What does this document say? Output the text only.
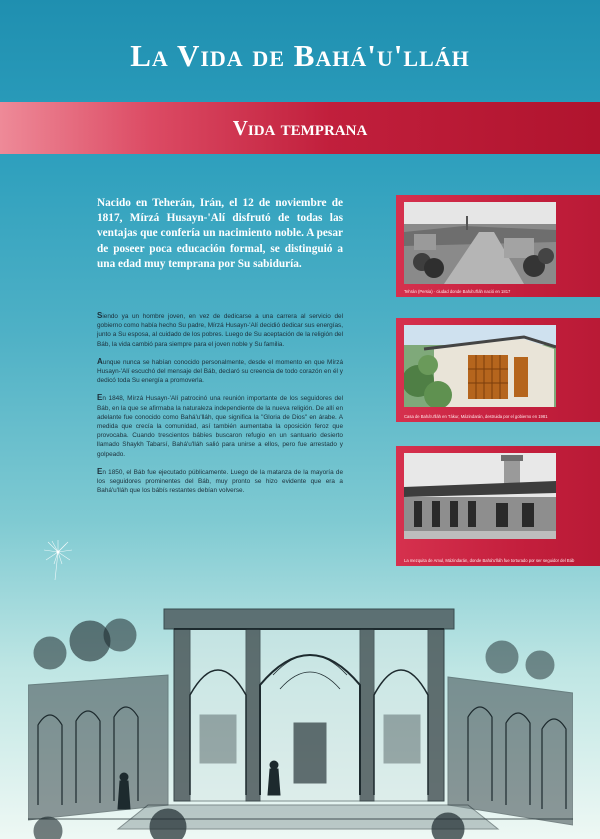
La Vida de Bahá'u'lláh
Vida temprana

Nacido en Teherán, Irán, el 12 de noviembre de 1817, Mírzá Husayn-'Alí disfrutó de todas las ventajas que confería un nacimiento noble. A pesar de poseer poca educación formal, se distinguió a una edad muy temprana por Su sabiduría.

Siendo ya un hombre joven, en vez de dedicarse a una carrera al servicio del gobierno como había hecho Su padre, Mírzá Husayn-'Alí decidió dedicar sus energías, junto a Su esposa, al cuidado de los pobres. Luego de Su aceptación de la religión del Báb, la vida cambió para siempre para el joven noble y Su familia.

Aunque nunca se habían conocido personalmente, desde el momento en que Mírzá Husayn-'Alí escuchó del mensaje del Báb, declaró su creencia de todo corazón en él y dedicó toda Su energía a promoverla.

En 1848, Mírzá Husayn-'Alí patrocinó una reunión importante de los seguidores del Báb, en la que se afirmaba la naturaleza independiente de la nueva religión. De allí en adelante fue conocido como Bahá'u'lláh, que significa la "Gloria de Dios" en árabe. A medida que crecía la comunidad, así también aumentaba la oposición feroz que provocaba. Cuando trescientos bábíes buscaron refugio en un santuario desierto llamado Shaykh Tabarsí, Bahá'u'lláh salió para unirse a ellos, pero fue arrestado y golpeado.

En 1850, el Báb fue ejecutado públicamente. Luego de la matanza de la mayoría de los seguidores prominentes del Báb, muy pronto se hizo evidente que era a Bahá'u'lláh que los bábís restantes debían volverse.

Tehrán (Persia) · ciudad donde Bahá'u'lláh nació en 1817
Casa de Bahá'u'lláh en Tákur, Mázindarán, destruida por el gobierno en 1981
La mezquita de Amul, Mázindarán, donde Bahá'u'lláh fue torturado por ser seguidor del Báb
